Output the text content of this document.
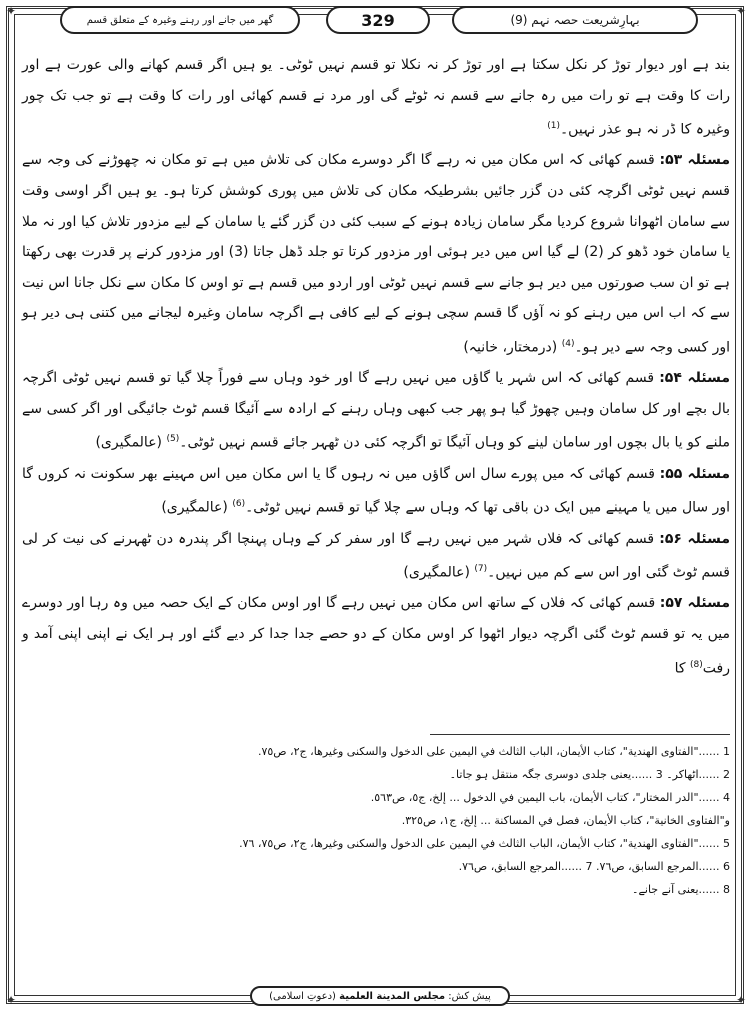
✦	✦
✦	✦
گھر میں جانے اور رہنے وغیرہ کے متعلق قسم	329	بہارِشریعت حصہ نہم (9)

بند ہے اور دیوار توڑ کر نکل سکتا ہے اور توڑ کر نہ نکلا تو قسم نہیں ٹوٹی۔ یو ہیں اگر قسم کھانے والی عورت ہے اور رات کا وقت ہے تو رات میں رہ جانے سے قسم نہ ٹوٹے گی اور مرد نے قسم کھائی اور رات کا وقت ہے تو جب تک چور وغیرہ کا ڈر نہ ہو عذر نہیں۔$^{(1)}$

مسئلہ ۵۳: قسم کھائی کہ اس مکان میں نہ رہے گا اگر دوسرے مکان کی تلاش میں ہے تو مکان نہ چھوڑنے کی وجہ سے قسم نہیں ٹوٹی اگرچہ کئی دن گزر جائیں بشرطیکہ مکان کی تلاش میں پوری کوشش کرتا ہو۔ یو ہیں اگر اوسی وقت سے سامان اٹھوانا شروع کردیا مگر سامان زیادہ ہونے کے سبب کئی دن گزر گئے یا سامان کے لیے مزدور تلاش کیا اور نہ ملا یا سامان خود ڈھو کر (2) لے گیا اس میں دیر ہوئی اور مزدور کرتا تو جلد ڈھل جاتا (3) اور مزدور کرنے پر قدرت بھی رکھتا ہے تو ان سب صورتوں میں دیر ہو جانے سے قسم نہیں ٹوٹی اور اردو میں قسم ہے تو اوس کا مکان سے نکل جانا اس نیت سے کہ اب اس میں رہنے کو نہ آؤں گا قسم سچی ہونے کے لیے کافی ہے اگرچہ سامان وغیرہ لیجانے میں کتنی ہی دیر ہو اور کسی وجہ سے دیر ہو۔$^{(4)}$ (درمختار، خانیہ)

مسئلہ ۵۴: قسم کھائی کہ اس شہر یا گاؤں میں نہیں رہے گا اور خود وہاں سے فوراً چلا گیا تو قسم نہیں ٹوٹی اگرچہ بال بچے اور کل سامان وہیں چھوڑ گیا ہو پھر جب کبھی وہاں رہنے کے ارادہ سے آئیگا قسم ٹوٹ جائیگی اور اگر کسی سے ملنے کو یا بال بچوں اور سامان لینے کو وہاں آئیگا تو اگرچہ کئی دن ٹھہر جائے قسم نہیں ٹوٹی۔$^{(5)}$ (عالمگیری)

مسئلہ ۵۵: قسم کھائی کہ میں پورے سال اس گاؤں میں نہ رہوں گا یا اس مکان میں اس مہینے بھر سکونت نہ کروں گا اور سال میں یا مہینے میں ایک دن باقی تھا کہ وہاں سے چلا گیا تو قسم نہیں ٹوٹی۔$^{(6)}$ (عالمگیری)

مسئلہ ۵۶: قسم کھائی کہ فلاں شہر میں نہیں رہے گا اور سفر کر کے وہاں پہنچا اگر پندرہ دن ٹھہرنے کی نیت کر لی قسم ٹوٹ گئی اور اس سے کم میں نہیں۔$^{(7)}$ (عالمگیری)

مسئلہ ۵۷: قسم کھائی کہ فلاں کے ساتھ اس مکان میں نہیں رہے گا اور اوس مکان کے ایک حصہ میں وہ رہا اور دوسرے میں یہ تو قسم ٹوٹ گئی اگرچہ دیوار اٹھوا کر اوس مکان کے دو حصے جدا جدا کر دیے گئے اور ہر ایک نے اپنی اپنی آمد و رفت$^{(8)}$ کا

1 ......"الفتاوى الهندية"، كتاب الأيمان، الباب الثالث في اليمين على الدخول والسكنى وغيرها، ج٢، ص٧٥.
2 ......اٹھاکر۔ 3 ......یعنی جلدی دوسری جگہ منتقل ہو جاتا۔
4 ......"الدر المختار"، كتاب الأيمان، باب اليمين في الدخول ... إلخ، ج٥، ص٥٦٣.
و"الفتاوى الخانية"، كتاب الأيمان، فصل في المساكنة ... إلخ، ج١، ص٣٢٥.
5 ......"الفتاوى الهندية"، كتاب الأيمان، الباب الثالث في اليمين على الدخول والسكنى وغيرها، ج٢، ص٧٥، ٧٦.
6 ......المرجع السابق، ص٧٦. 7 ......المرجع السابق، ص٧٦.
8 ......یعنی آنے جانے۔
پیش کش:

مجلس المدينة العلمية

(دعوتِ اسلامی)
